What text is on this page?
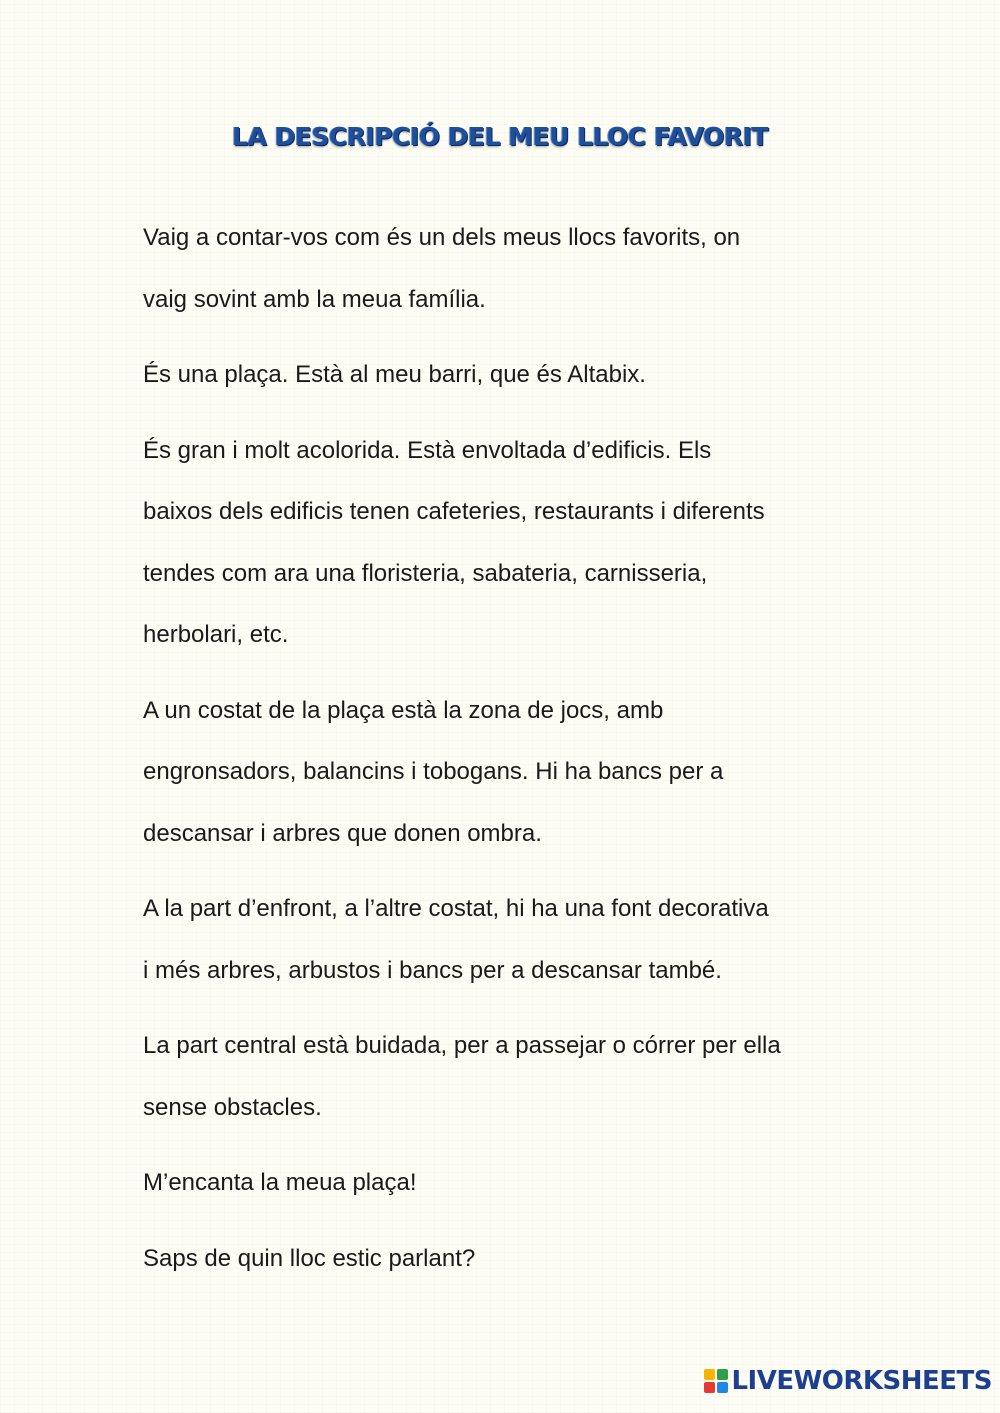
LA DESCRIPCIÓ DEL MEU LLOC FAVORIT

Vaig a contar-vos com és un dels meus llocs favorits, on
vaig sovint amb la meua família.

És una plaça. Està al meu barri, que és Altabix.

És gran i molt acolorida. Està envoltada d’edificis. Els
baixos dels edificis tenen cafeteries, restaurants i diferents
tendes com ara una floristeria, sabateria, carnisseria,
herbolari, etc.

A un costat de la plaça està la zona de jocs, amb
engronsadors, balancins i tobogans. Hi ha bancs per a
descansar i arbres que donen ombra.

A la part d’enfront, a l’altre costat, hi ha una font decorativa
i més arbres, arbustos i bancs per a descansar també.

La part central està buidada, per a passejar o córrer per ella
sense obstacles.

M’encanta la meua plaça!

Saps de quin lloc estic parlant?

LIVEWORKSHEETS
